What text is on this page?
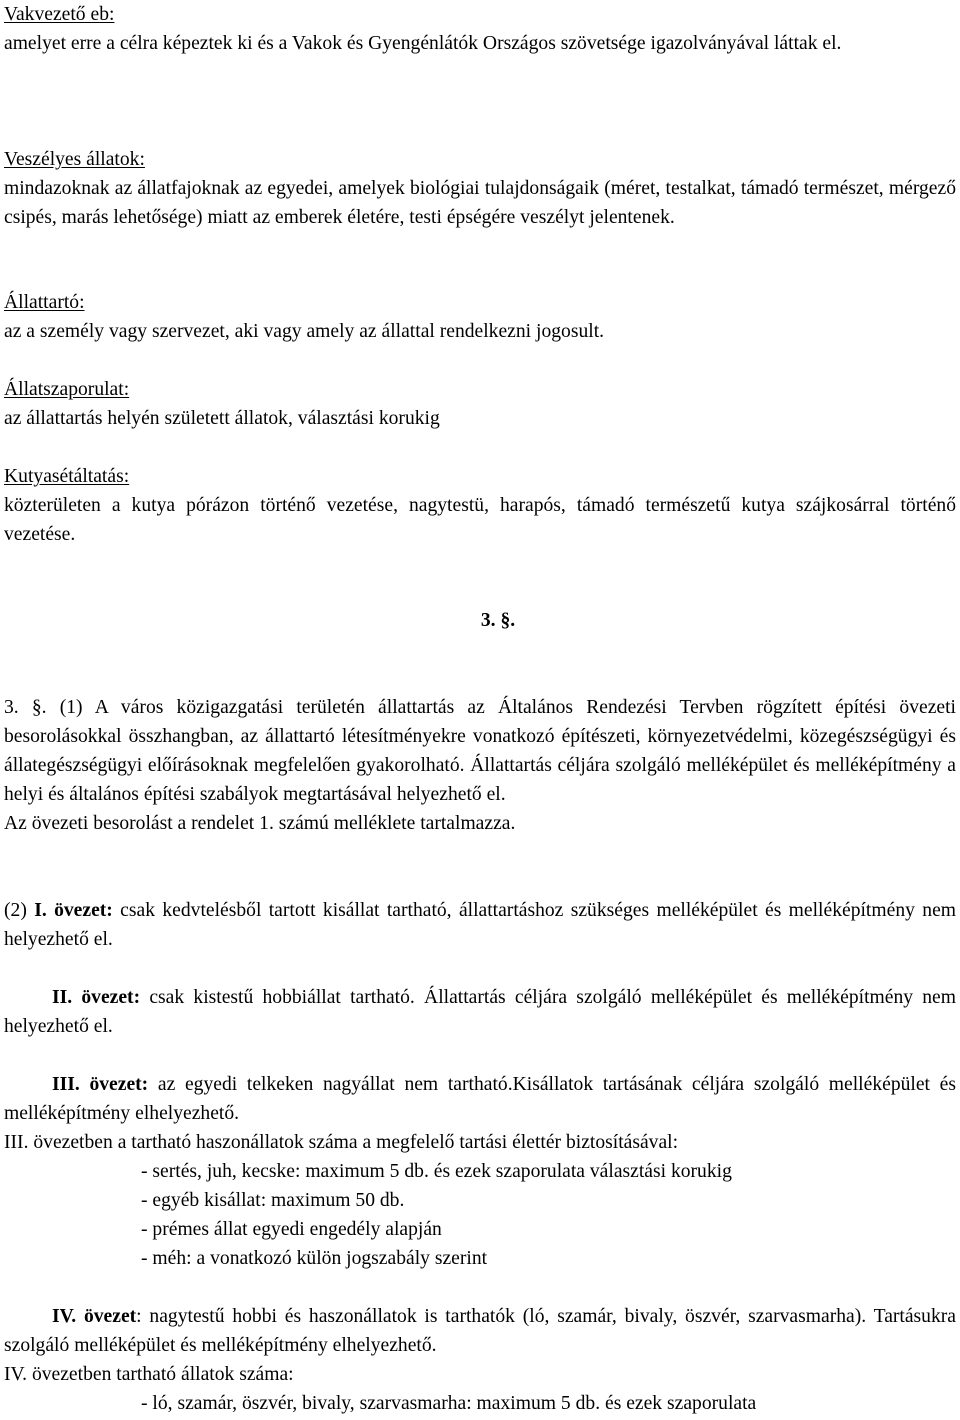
Vakvezető eb:

amelyet erre a célra képeztek ki és a Vakok és Gyengénlátók Országos szövetsége igazolványával láttak el.

Veszélyes állatok:

mindazoknak az állatfajoknak az egyedei, amelyek biológiai tulajdonságaik (méret, testalkat, támadó természet, mérgező csipés, marás lehetősége) miatt az emberek életére, testi épségére veszélyt jelentenek.

Állattartó:

az a személy vagy szervezet, aki vagy amely az állattal rendelkezni jogosult.

Állatszaporulat:

az állattartás helyén született állatok, választási korukig

Kutyasétáltatás:

közterületen a kutya pórázon történő vezetése, nagytestü, harapós, támadó természetű kutya szájkosárral történő vezetése.

3. §.

3. §. (1) A város közigazgatási területén állattartás az Általános Rendezési Tervben rögzített építési övezeti besorolásokkal összhangban, az állattartó létesítményekre vonatkozó építészeti, környezetvédelmi, közegészségügyi és állategészségügyi előírásoknak megfelelően gyakorolható. Állattartás céljára szolgáló melléképület és melléképítmény a helyi és általános építési szabályok megtartásával helyezhető el.

Az övezeti besorolást a rendelet 1. számú melléklete tartalmazza.

(2) I. övezet: csak kedvtelésből tartott kisállat tartható, állattartáshoz szükséges melléképület és melléképítmény nem helyezhető el.

II. övezet: csak kistestű hobbiállat tartható. Állattartás céljára szolgáló melléképület és melléképítmény nem helyezhető el.

III. övezet: az egyedi telkeken nagyállat nem tartható.Kisállatok tartásának céljára szolgáló melléképület és melléképítmény elhelyezhető.

III. övezetben a tartható haszonállatok száma a megfelelő tartási élettér biztosításával:

- sertés, juh, kecske: maximum 5 db. és ezek szaporulata választási korukig

- egyéb kisállat: maximum 50 db.

- prémes állat egyedi engedély alapján

- méh: a vonatkozó külön jogszabály szerint

IV. övezet: nagytestű hobbi és haszonállatok is tarthatók (ló, szamár, bivaly, öszvér, szarvasmarha). Tartásukra szolgáló melléképület és melléképítmény elhelyezhető.

IV. övezetben tartható állatok száma:

- ló, szamár, öszvér, bivaly, szarvasmarha: maximum 5 db. és ezek szaporulata
